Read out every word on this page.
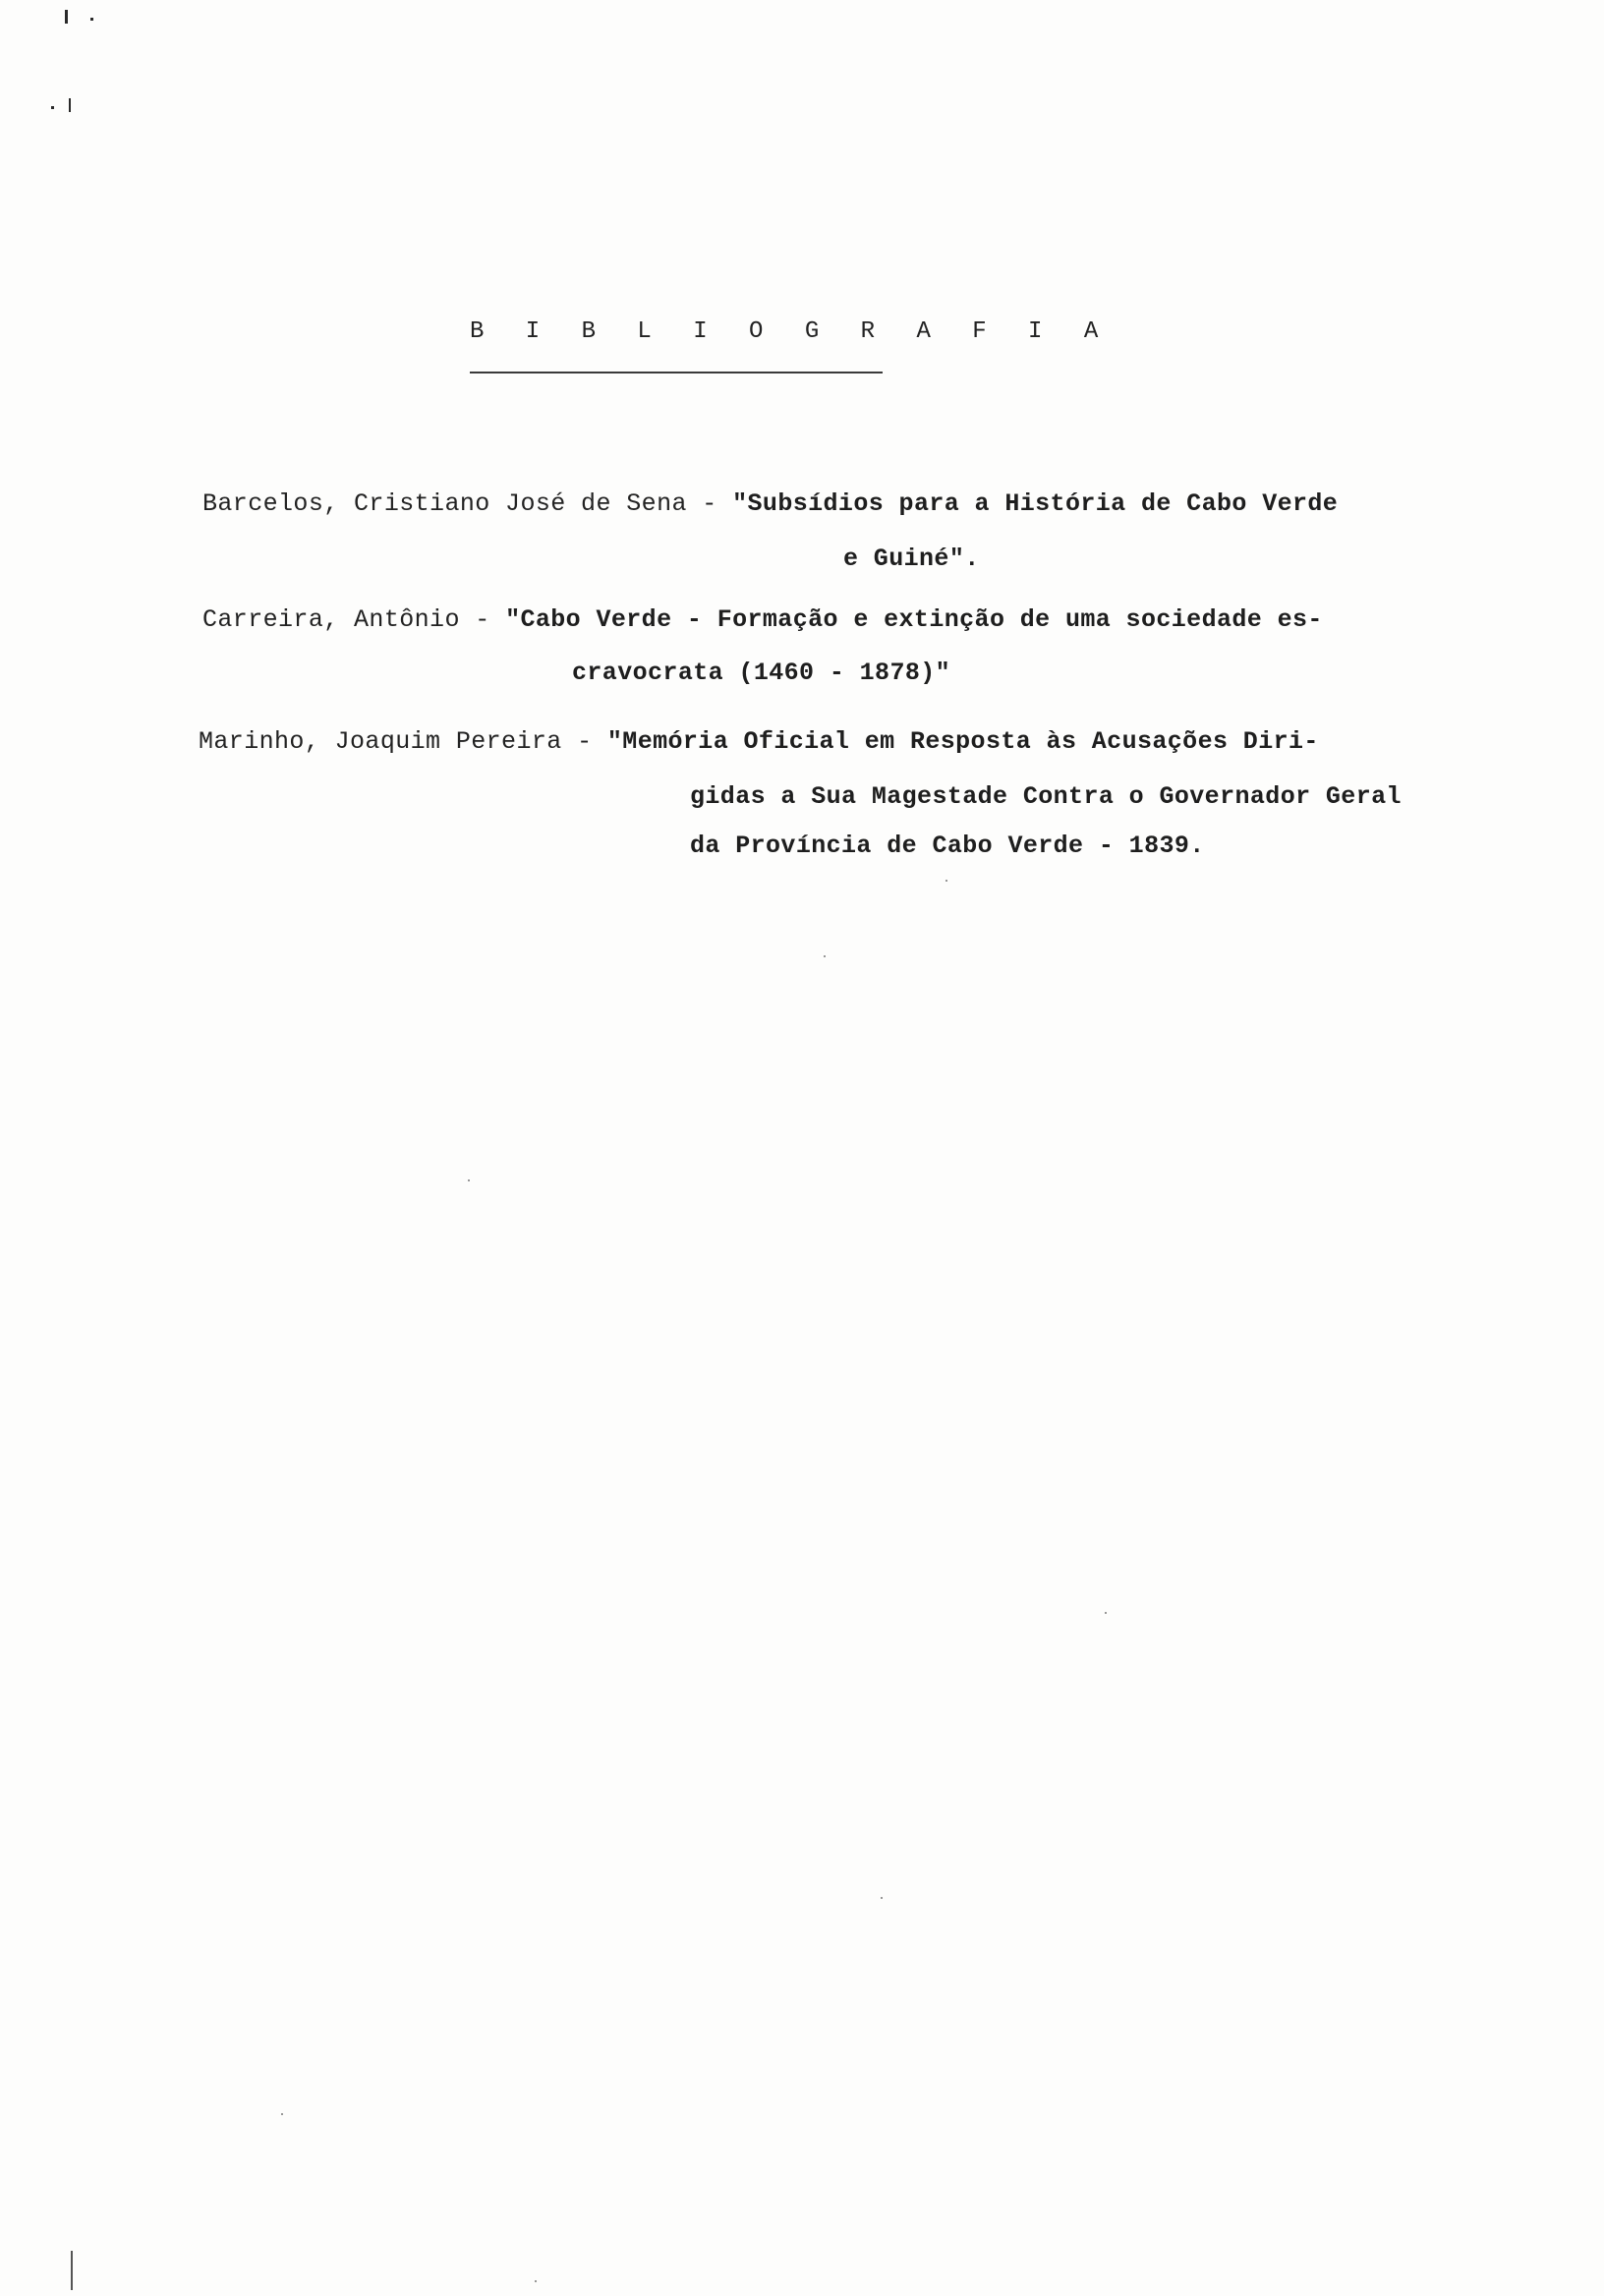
B I B L I O G R A F I A
Barcelos, Cristiano José de Sena - "Subsídios para a História de Cabo Verde
e Guiné".
Carreira, Antônio - "Cabo Verde - Formação e extinção de uma sociedade es-
cravocrata (1460 - 1878)"
Marinho, Joaquim Pereira - "Memória Oficial em Resposta às Acusações Diri-
gidas a Sua Magestade Contra o Governador Geral
da Província de Cabo Verde - 1839.
